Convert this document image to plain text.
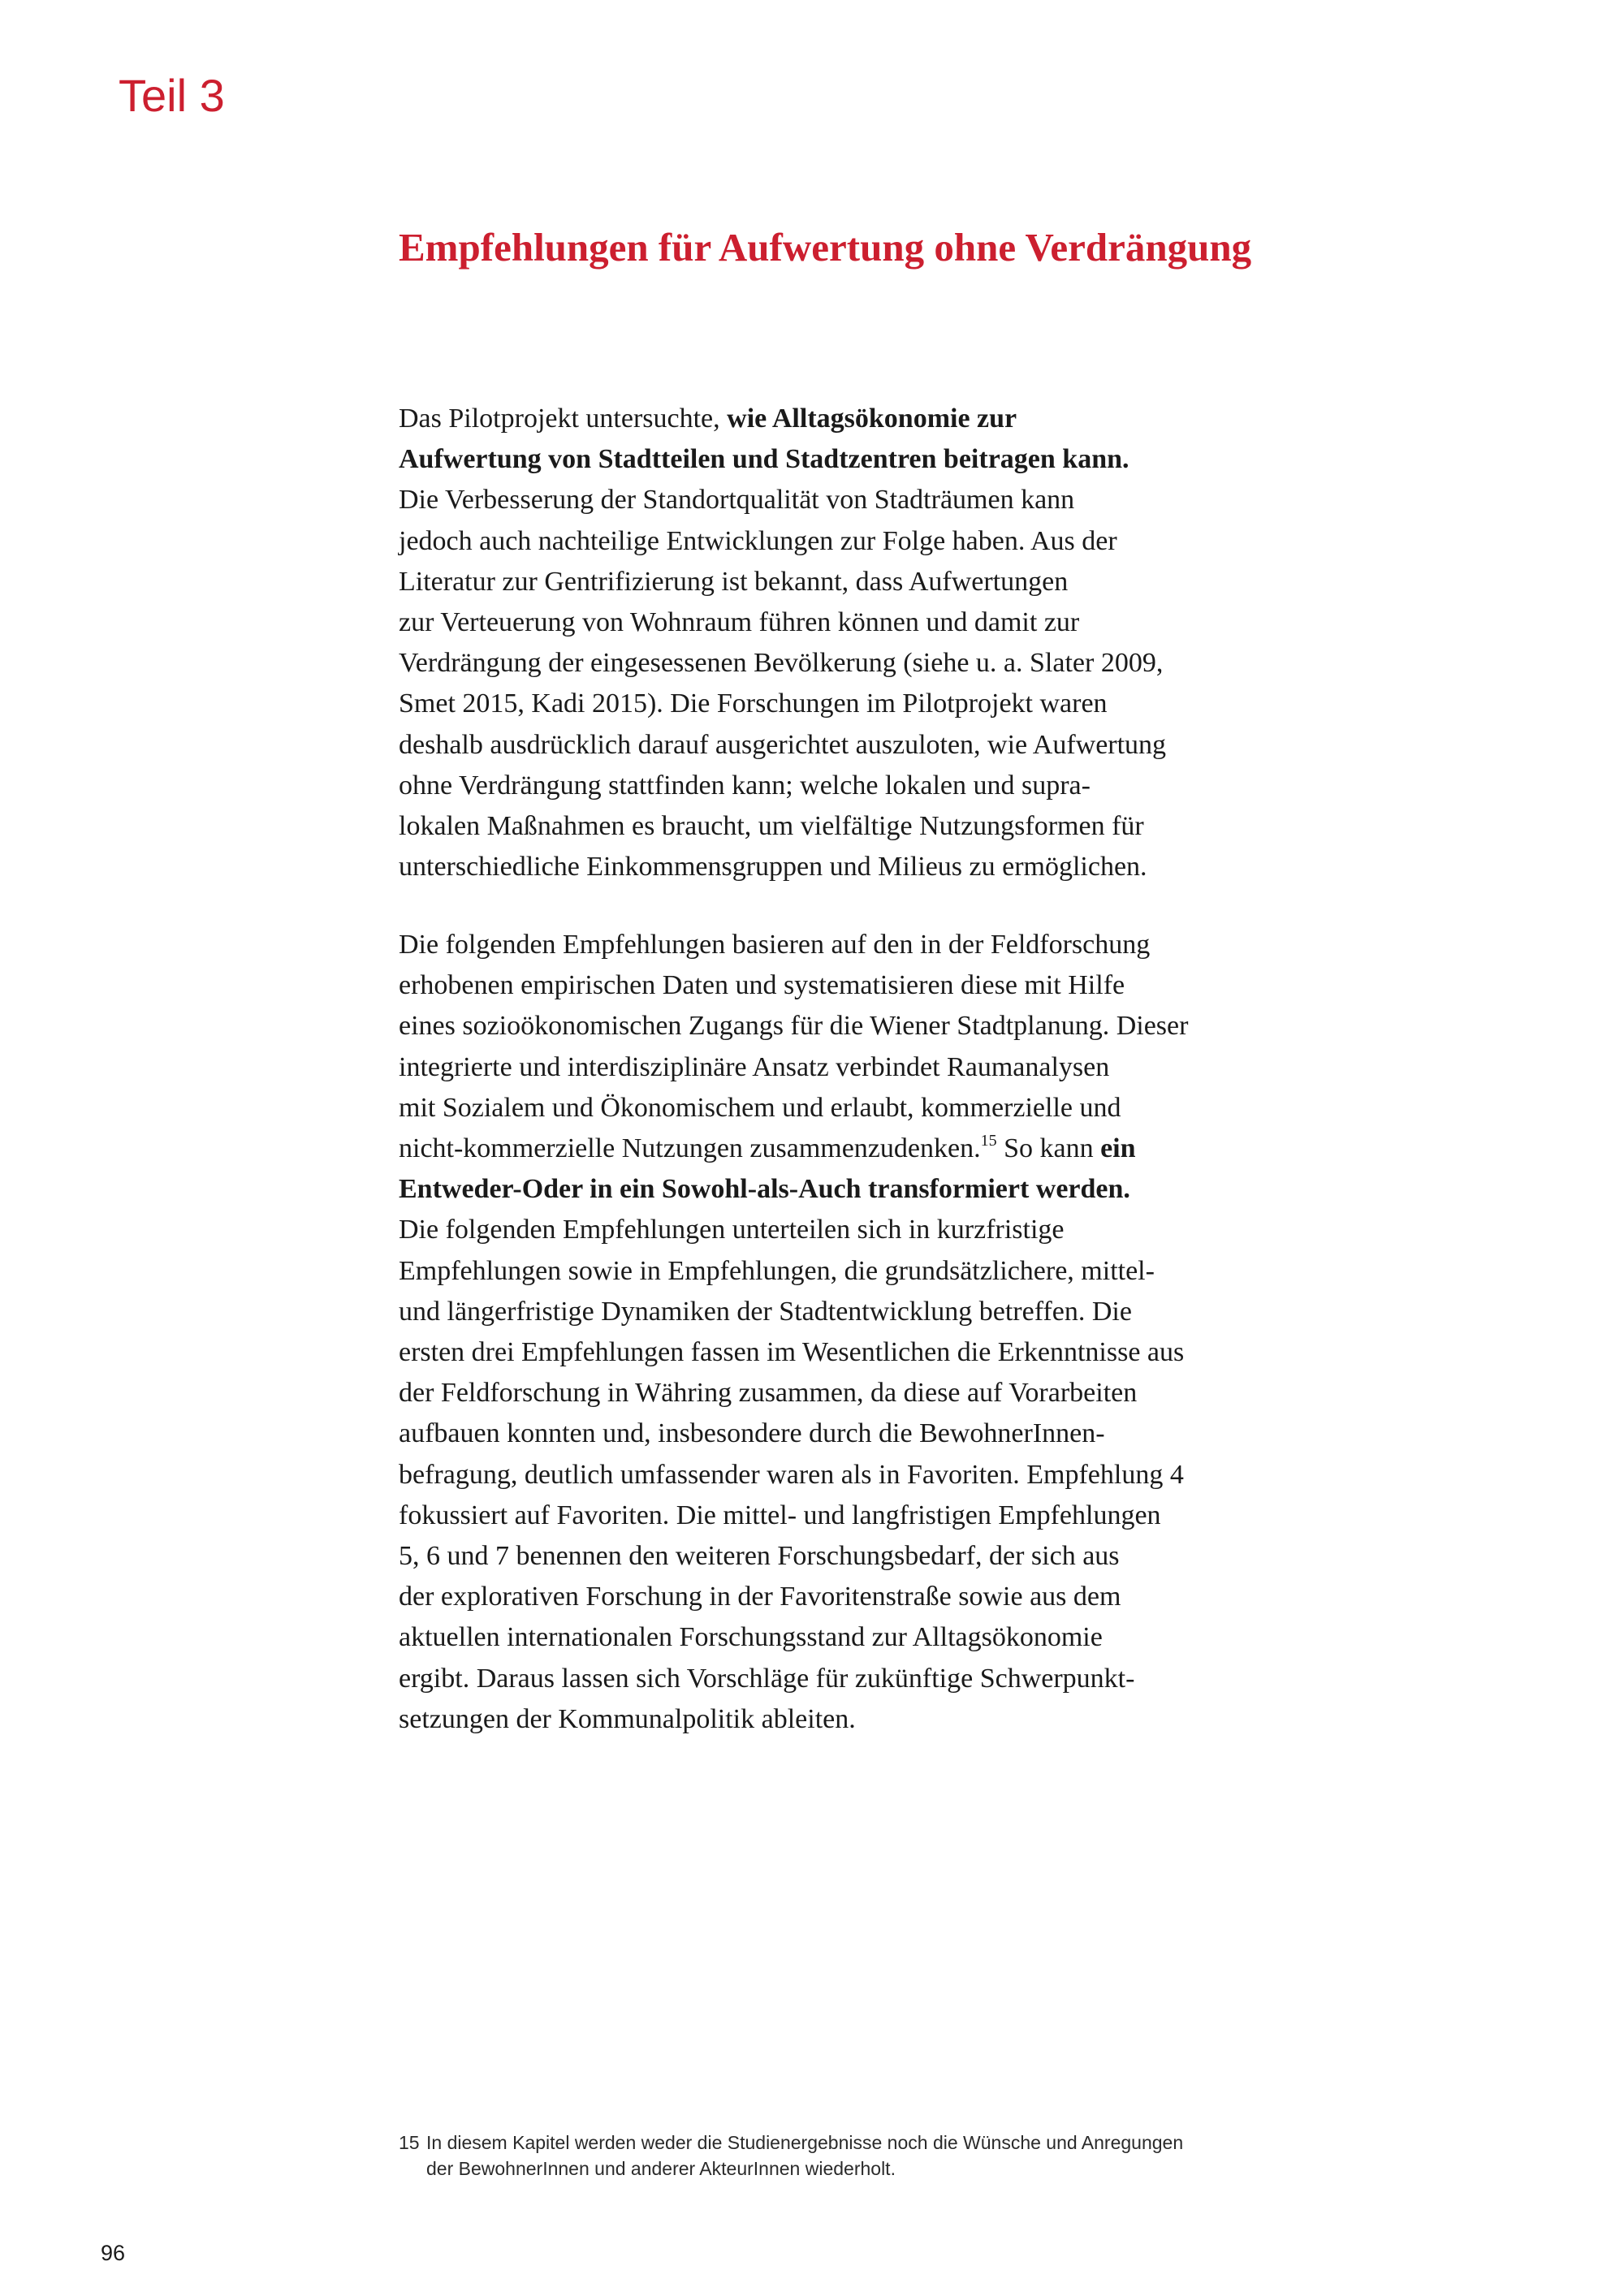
Teil 3
Empfehlungen für Aufwertung ohne Verdrängung

Das Pilotprojekt untersuchte, wie Alltagsökonomie zur
Aufwertung von Stadtteilen und Stadtzentren beitragen kann.
Die Verbesserung der Standortqualität von Stadträumen kann
jedoch auch nachteilige Entwicklungen zur Folge haben. Aus der
Literatur zur Gentrifizierung ist bekannt, dass Aufwertungen
zur Verteuerung von Wohnraum führen können und damit zur
Verdrängung der eingesessenen Bevölkerung (siehe u. a. Slater 2009,
Smet 2015, Kadi 2015). Die Forschungen im Pilotprojekt waren
deshalb ausdrücklich darauf ausgerichtet auszuloten, wie Aufwertung
ohne Verdrängung stattfinden kann; welche lokalen und supra-
lokalen Maßnahmen es braucht, um vielfältige Nutzungsformen für
unterschiedliche Einkommensgruppen und Milieus zu ermöglichen.

Die folgenden Empfehlungen basieren auf den in der Feldforschung
erhobenen empirischen Daten und systematisieren diese mit Hilfe
eines sozioökonomischen Zugangs für die Wiener Stadtplanung. Dieser
integrierte und interdisziplinäre Ansatz verbindet Raumanalysen
mit Sozialem und Ökonomischem und erlaubt, kommerzielle und
nicht-kommerzielle Nutzungen zusammenzudenken.$^{15}$ So kann ein
Entweder-Oder in ein Sowohl-als-Auch transformiert werden.
Die folgenden Empfehlungen unterteilen sich in kurzfristige
Empfehlungen sowie in Empfehlungen, die grundsätzlichere, mittel-
und längerfristige Dynamiken der Stadtentwicklung betreffen. Die
ersten drei Empfehlungen fassen im Wesentlichen die Erkenntnisse aus
der Feldforschung in Währing zusammen, da diese auf Vorarbeiten
aufbauen konnten und, insbesondere durch die BewohnerInnen-
befragung, deutlich umfassender waren als in Favoriten. Empfehlung 4
fokussiert auf Favoriten. Die mittel- und langfristigen Empfehlungen
5, 6 und 7 benennen den weiteren Forschungsbedarf, der sich aus
der explorativen Forschung in der Favoritenstraße sowie aus dem
aktuellen internationalen Forschungsstand zur Alltagsökonomie
ergibt. Daraus lassen sich Vorschläge für zukünftige Schwerpunkt-
setzungen der Kommunalpolitik ableiten.

15 In diesem Kapitel werden weder die Studienergebnisse noch die Wünsche und Anregungen
der BewohnerInnen und anderer AkteurInnen wiederholt.
96
